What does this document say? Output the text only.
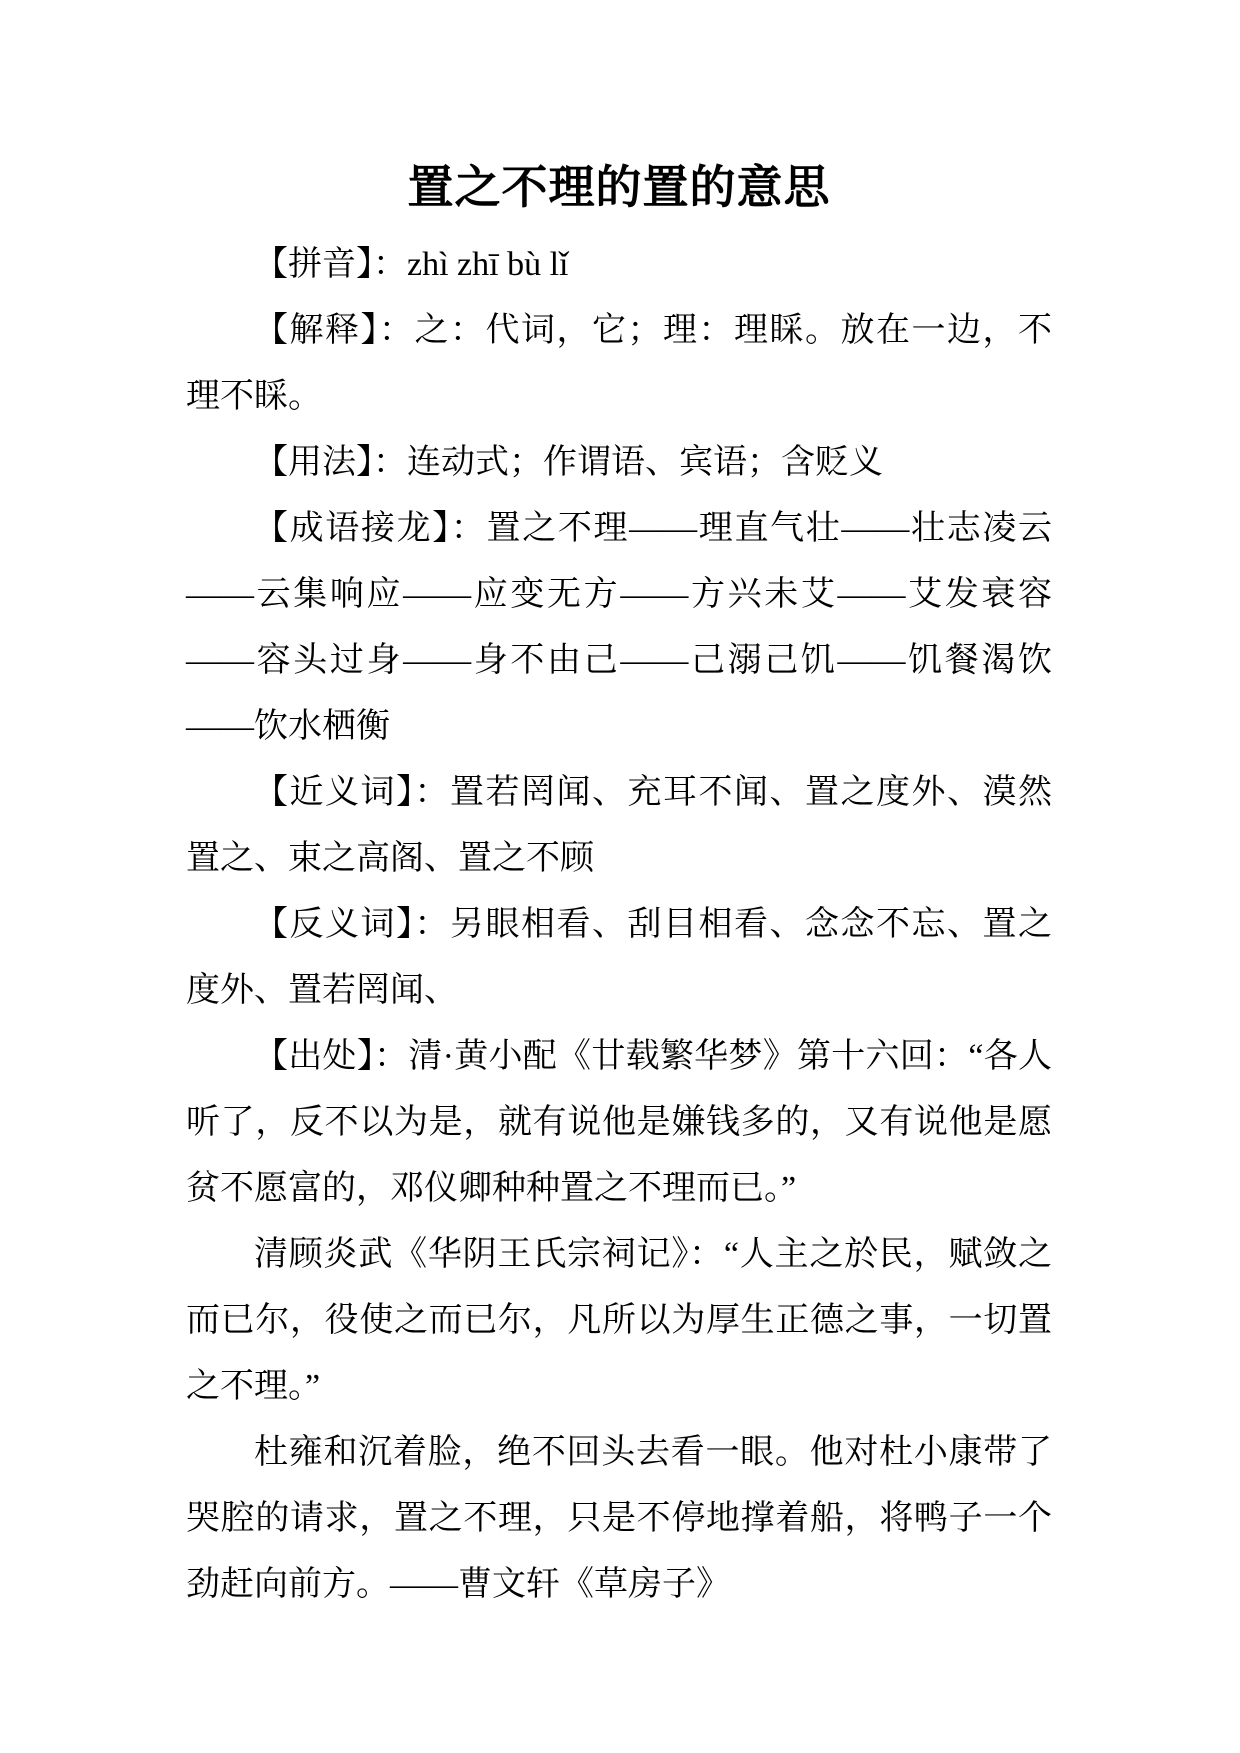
置之不理的置的意思

【拼音】：zhì zhī bù lǐ

【解释】：之：代词，它；理：理睬。放在一边，不理不睬。

【用法】：连动式；作谓语、宾语；含贬义

【成语接龙】：置之不理——理直气壮——壮志凌云——云集响应——应变无方——方兴未艾——艾发衰容——容头过身——身不由己——己溺己饥——饥餐渴饮——饮水栖衡

【近义词】：置若罔闻、充耳不闻、置之度外、漠然置之、束之高阁、置之不顾

【反义词】：另眼相看、刮目相看、念念不忘、置之度外、置若罔闻、

【出处】：清·黄小配《廿载繁华梦》第十六回：“各人听了，反不以为是，就有说他是嫌钱多的，又有说他是愿贫不愿富的，邓仪卿种种置之不理而已。”

清顾炎武《华阴王氏宗祠记》：“人主之於民，赋敛之而已尔，役使之而已尔，凡所以为厚生正德之事，一切置之不理。”

杜雍和沉着脸，绝不回头去看一眼。他对杜小康带了哭腔的请求，置之不理，只是不停地撑着船，将鸭子一个劲赶向前方。——曹文轩《草房子》
